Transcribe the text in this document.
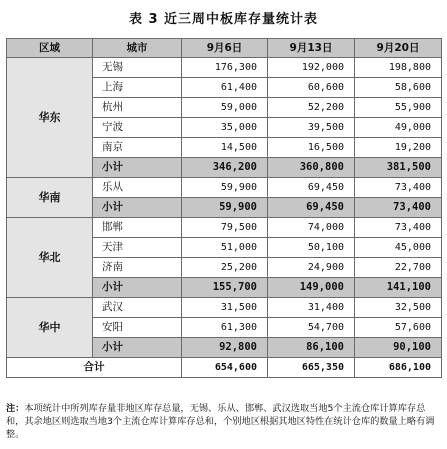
表 3 近三周中板库存量统计表
区域	城市	9月6日	9月13日	9月20日
华东	无锡	176,300	192,000	198,800
	上海	61,400	60,600	58,600
	杭州	59,000	52,200	55,900
	宁波	35,000	39,500	49,000
	南京	14,500	16,500	19,200
	小计	346,200	360,800	381,500
华南	乐从	59,900	69,450	73,400
	小计	59,900	69,450	73,400
华北	邯郸	79,500	74,000	73,400
	天津	51,000	50,100	45,000
	济南	25,200	24,900	22,700
	小计	155,700	149,000	141,100
华中	武汉	31,500	31,400	32,500
	安阳	61,300	54,700	57,600
	小计	92,800	86,100	90,100
合计		654,600	665,350	686,100
注：本项统计中所列库存量非地区库存总量，无锡、乐从、邯郸、武汉选取当地5个主流仓库计算库存总和，其余地区则选取当地3个主流仓库计算库存总和，个别地区根据其地区特性在统计仓库的数量上略有调整。
